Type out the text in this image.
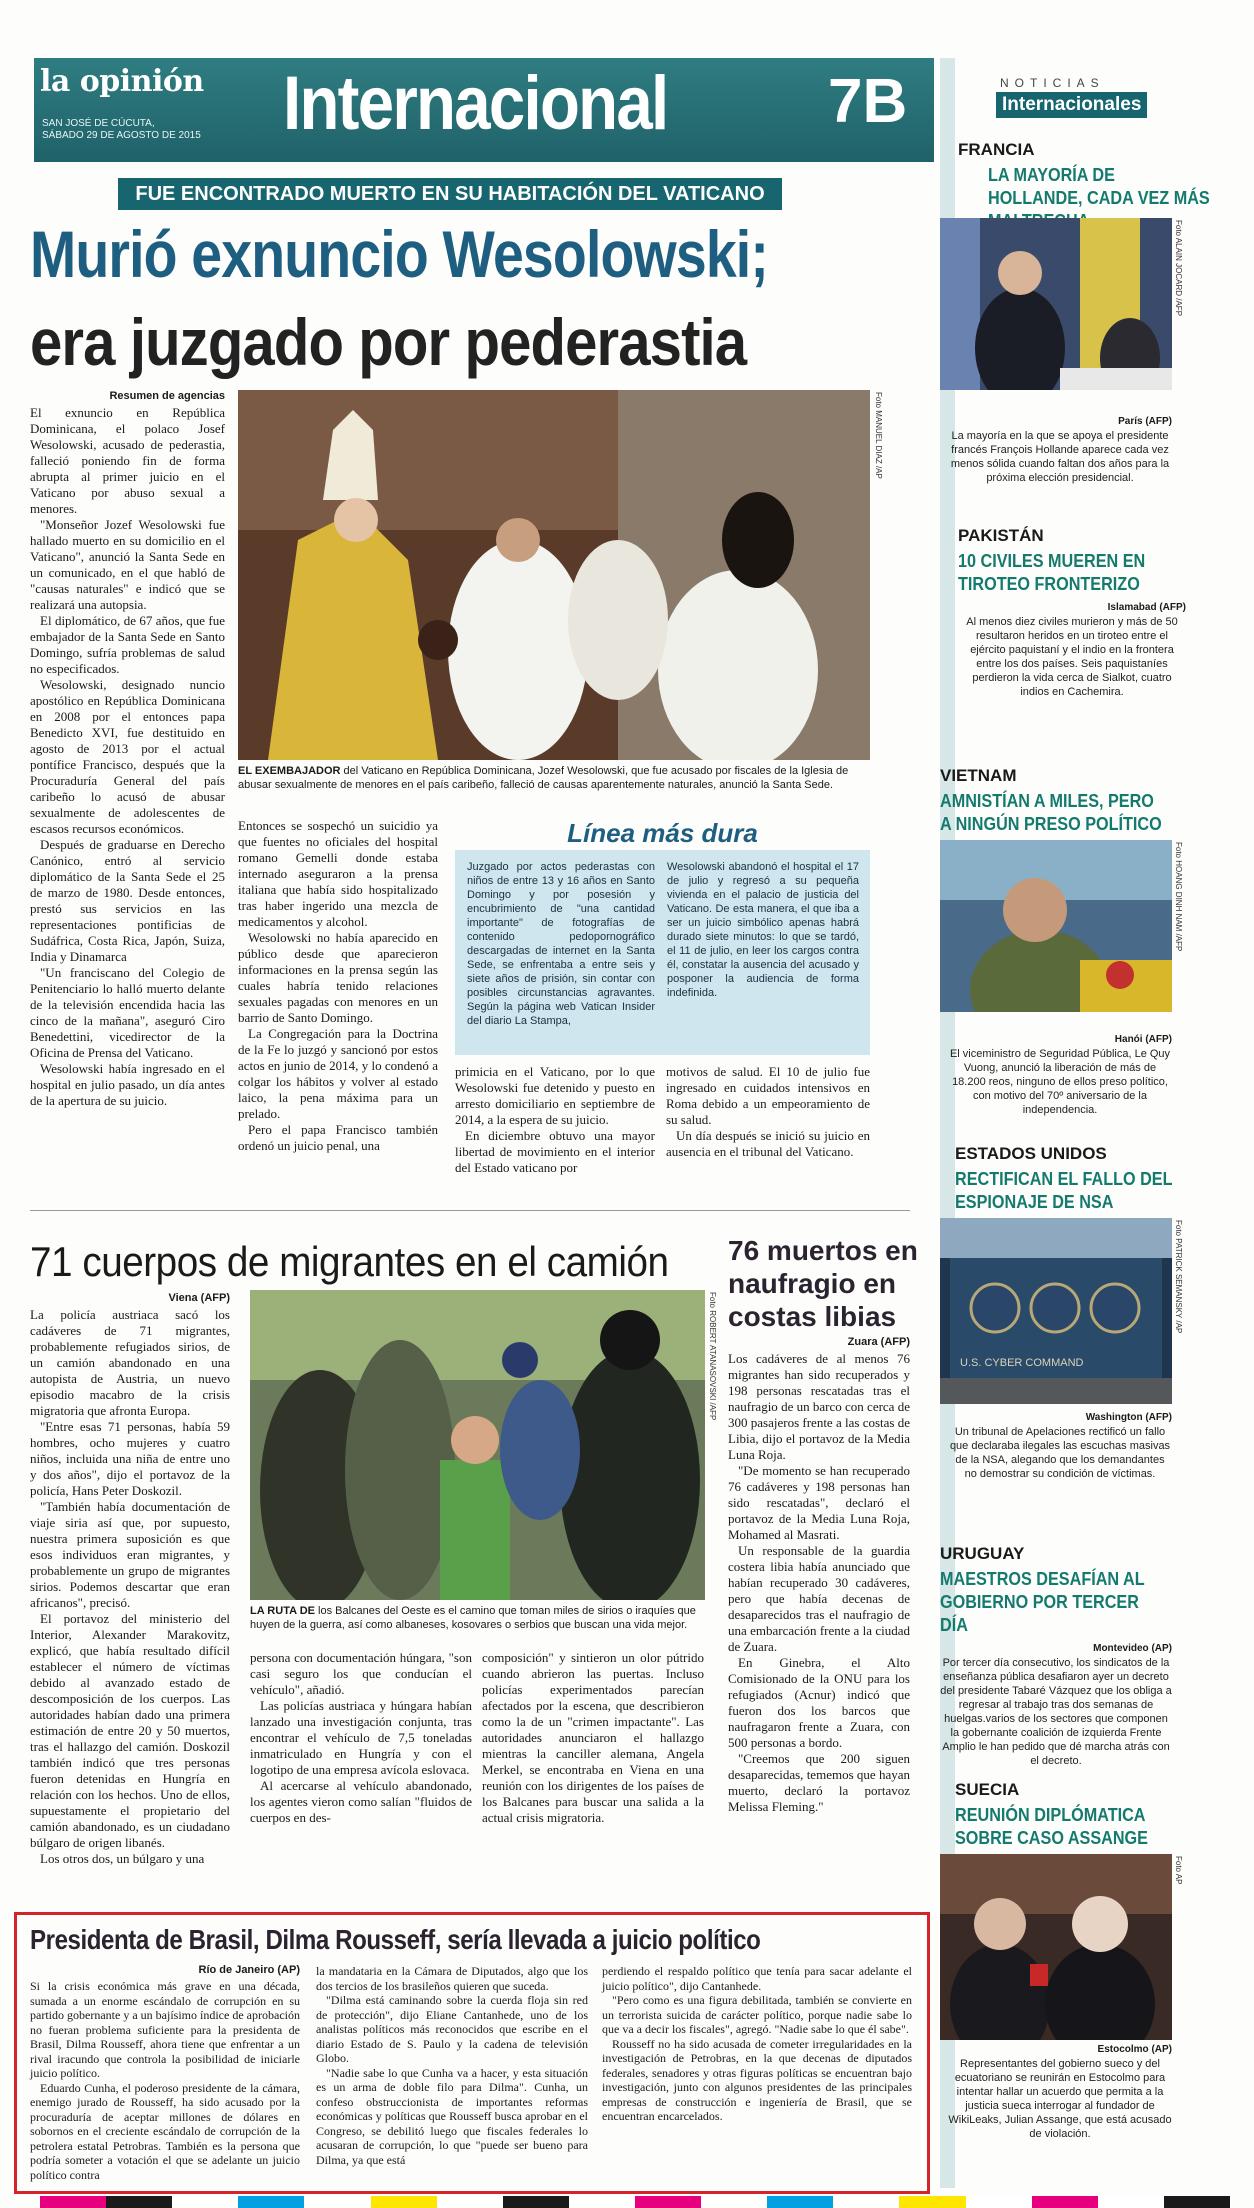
la opinión
SAN JOSÉ DE CÚCUTA,
SÁBADO 29 DE AGOSTO DE 2015 Internacional	7B
FUE ENCONTRADO MUERTO EN SU HABITACIÓN DEL VATICANO
Murió exnuncio Wesolowski;
era juzgado por pederastia
Resumen de agencias

El exnuncio en República Dominicana, el polaco Josef Wesolowski, acusado de pederastia, falleció poniendo fin de forma abrupta al primer juicio en el Vaticano por abuso sexual a menores.

"Monseñor Jozef Wesolowski fue hallado muerto en su domicilio en el Vaticano", anunció la Santa Sede en un comunicado, en el que habló de "causas naturales" e indicó que se realizará una autopsia.

El diplomático, de 67 años, que fue embajador de la Santa Sede en Santo Domingo, sufría problemas de salud no especificados.

Wesolowski, designado nuncio apostólico en República Dominicana en 2008 por el entonces papa Benedicto XVI, fue destituido en agosto de 2013 por el actual pontífice Francisco, después que la Procuraduría General del país caribeño lo acusó de abusar sexualmente de adolescentes de escasos recursos económicos.

Después de graduarse en Derecho Canónico, entró al servicio diplomático de la Santa Sede el 25 de marzo de 1980. Desde entonces, prestó sus servicios en las representaciones pontificias de Sudáfrica, Costa Rica, Japón, Suiza, India y Dinamarca

"Un franciscano del Colegio de Penitenciario lo halló muerto delante de la televisión encendida hacia las cinco de la mañana", aseguró Ciro Benedettini, vicedirector de la Oficina de Prensa del Vaticano.

Wesolowski había ingresado en el hospital en julio pasado, un día antes de la apertura de su juicio.

Foto MANUEL DIAZ /AP
EL EXEMBAJADOR del Vaticano en República Dominicana, Jozef Wesolowski, que fue acusado por fiscales de la Iglesia de abusar sexualmente de menores en el país caribeño, falleció de causas aparentemente naturales, anunció la Santa Sede.

Entonces se sospechó un suicidio ya que fuentes no oficiales del hospital romano Gemelli donde estaba internado aseguraron a la prensa italiana que había sido hospitalizado tras haber ingerido una mezcla de medicamentos y alcohol.

Wesolowski no había aparecido en público desde que aparecieron informaciones en la prensa según las cuales habría tenido relaciones sexuales pagadas con menores en un barrio de Santo Domingo.

La Congregación para la Doctrina de la Fe lo juzgó y sancionó por estos actos en junio de 2014, y lo condenó a colgar los hábitos y volver al estado laico, la pena máxima para un prelado.

Pero el papa Francisco también ordenó un juicio penal, una

Línea más dura
Juzgado por actos pederastas con niños de entre 13 y 16 años en Santo Domingo y por posesión y encubrimiento de "una cantidad importante" de fotografías de contenido pedopornográfico descargadas de internet en la Santa Sede, se enfrentaba a entre seis y siete años de prisión, sin contar con posibles circunstancias agravantes. Según la página web Vatican Insider del diario La Stampa,
Wesolowski abandonó el hospital el 17 de julio y regresó a su pequeña vivienda en el palacio de justicia del Vaticano. De esta manera, el que iba a ser un juicio simbólico apenas habrá durado siete minutos: lo que se tardó, el 11 de julio, en leer los cargos contra él, constatar la ausencia del acusado y posponer la audiencia de forma indefinida.

primicia en el Vaticano, por lo que Wesolowski fue detenido y puesto en arresto domiciliario en septiembre de 2014, a la espera de su juicio.

En diciembre obtuvo una mayor libertad de movimiento en el interior del Estado vaticano por

motivos de salud. El 10 de julio fue ingresado en cuidados intensivos en Roma debido a un empeoramiento de su salud.

Un día después se inició su juicio en ausencia en el tribunal del Vaticano.

71 cuerpos de migrantes en el camión
Viena (AFP)

La policía austriaca sacó los cadáveres de 71 migrantes, probablemente refugiados sirios, de un camión abandonado en una autopista de Austria, un nuevo episodio macabro de la crisis migratoria que afronta Europa.

"Entre esas 71 personas, había 59 hombres, ocho mujeres y cuatro niños, incluida una niña de entre uno y dos años", dijo el portavoz de la policía, Hans Peter Doskozil.

"También había documentación de viaje siria así que, por supuesto, nuestra primera suposición es que esos individuos eran migrantes, y probablemente un grupo de migrantes sirios. Podemos descartar que eran africanos", precisó.

El portavoz del ministerio del Interior, Alexander Marakovitz, explicó, que había resultado difícil establecer el número de víctimas debido al avanzado estado de descomposición de los cuerpos. Las autoridades habían dado una primera estimación de entre 20 y 50 muertos, tras el hallazgo del camión. Doskozil también indicó que tres personas fueron detenidas en Hungría en relación con los hechos. Uno de ellos, supuestamente el propietario del camión abandonado, es un ciudadano búlgaro de origen libanés.

Los otros dos, un búlgaro y una

Foto ROBERT ATANASOVSKI /AFP
LA RUTA DE los Balcanes del Oeste es el camino que toman miles de sirios o iraquíes que huyen de la guerra, así como albaneses, kosovares o serbios que buscan una vida mejor.

persona con documentación húngara, "son casi seguro los que conducían el vehículo", añadió.

Las policías austriaca y húngara habían lanzado una investigación conjunta, tras encontrar el vehículo de 7,5 toneladas inmatriculado en Hungría y con el logotipo de una empresa avícola eslovaca.

Al acercarse al vehículo abandonado, los agentes vieron como salían "fluidos de cuerpos en des-

composición" y sintieron un olor pútrido cuando abrieron las puertas. Incluso policías experimentados parecían afectados por la escena, que describieron como la de un "crimen impactante". Las autoridades anunciaron el hallazgo mientras la canciller alemana, Angela Merkel, se encontraba en Viena en una reunión con los dirigentes de los países de los Balcanes para buscar una salida a la actual crisis migratoria.

76 muertos en naufragio en costas libias
Zuara (AFP)

Los cadáveres de al menos 76 migrantes han sido recuperados y 198 personas rescatadas tras el naufragio de un barco con cerca de 300 pasajeros frente a las costas de Libia, dijo el portavoz de la Media Luna Roja.

"De momento se han recuperado 76 cadáveres y 198 personas han sido rescatadas", declaró el portavoz de la Media Luna Roja, Mohamed al Masrati.

Un responsable de la guardia costera libia había anunciado que habían recuperado 30 cadáveres, pero que había decenas de desaparecidos tras el naufragio de una embarcación frente a la ciudad de Zuara.

En Ginebra, el Alto Comisionado de la ONU para los refugiados (Acnur) indicó que fueron dos los barcos que naufragaron frente a Zuara, con 500 personas a bordo.

"Creemos que 200 siguen desaparecidas, tememos que hayan muerto, declaró la portavoz Melissa Fleming."

Presidenta de Brasil, Dilma Rousseff, sería llevada a juicio político
Río de Janeiro (AP)

Si la crisis económica más grave en una década, sumada a un enorme escándalo de corrupción en su partido gobernante y a un bajísimo índice de aprobación no fueran problema suficiente para la presidenta de Brasil, Dilma Rousseff, ahora tiene que enfrentar a un rival iracundo que controla la posibilidad de iniciarle juicio político.

Eduardo Cunha, el poderoso presidente de la cámara, enemigo jurado de Rousseff, ha sido acusado por la procuraduría de aceptar millones de dólares en sobornos en el creciente escándalo de corrupción de la petrolera estatal Petrobras. También es la persona que podría someter a votación el que se adelante un juicio político contra

la mandataria en la Cámara de Diputados, algo que los dos tercios de los brasileños quieren que suceda.

"Dilma está caminando sobre la cuerda floja sin red de protección", dijo Eliane Cantanhede, uno de los analistas políticos más reconocidos que escribe en el diario Estado de S. Paulo y la cadena de televisión Globo.

"Nadie sabe lo que Cunha va a hacer, y esta situación es un arma de doble filo para Dilma". Cunha, un confeso obstruccionista de importantes reformas económicas y políticas que Rousseff busca aprobar en el Congreso, se debilitó luego que fiscales federales lo acusaran de corrupción, lo que "puede ser bueno para Dilma, ya que está

perdiendo el respaldo político que tenía para sacar adelante el juicio político", dijo Cantanhede.

"Pero como es una figura debilitada, también se convierte en un terrorista suicida de carácter político, porque nadie sabe lo que va a decir los fiscales", agregó. "Nadie sabe lo que él sabe".

Rousseff no ha sido acusada de cometer irregularidades en la investigación de Petrobras, en la que decenas de diputados federales, senadores y otras figuras políticas se encuentran bajo investigación, junto con algunos presidentes de las principales empresas de construcción e ingeniería de Brasil, que se encuentran encarcelados.

NOTICIAS
Internacionales
FRANCIA
LA MAYORÍA DE HOLLANDE, CADA VEZ MÁS
Foto ALAIN JOCARD /AFP
París (AFP)
La mayoría en la que se apoya el presidente francés François Hollande aparece cada vez menos sólida cuando faltan dos años para la próxima elección presidencial.
PAKISTÁN
10 CIVILES MUEREN EN TIROTEO FRONTERIZO
Islamabad (AFP)
Al menos diez civiles murieron y más de 50 resultaron heridos en un tiroteo entre el ejército paquistaní y el indio en la frontera entre los dos países. Seis paquistaníes perdieron la vida cerca de Sialkot, cuatro indios en Cachemira.
VIETNAM
AMNISTÍAN A MILES, PERO A NINGÚN PRESO POLÍTICO
Foto HOANG DINH NAM /AFP
Hanói (AFP)
El viceministro de Seguridad Pública, Le Quy Vuong, anunció la liberación de más de 18.200 reos, ninguno de ellos preso político, con motivo del 70º aniversario de la independencia.
ESTADOS UNIDOS
RECTIFICAN EL FALLO DEL ESPIONAJE DE NSA
U.S. CYBER COMMAND
Foto PATRICK SEMANSKY /AP
Washington (AFP)
Un tribunal de Apelaciones rectificó un fallo que declaraba ilegales las escuchas masivas de la NSA, alegando que los demandantes no demostrar su condición de víctimas.
URUGUAY
MAESTROS DESAFÍAN AL GOBIERNO POR TERCER DÍA
Montevideo (AP)
Por tercer día consecutivo, los sindicatos de la enseñanza pública desafiaron ayer un decreto del presidente Tabaré Vázquez que los obliga a regresar al trabajo tras dos semanas de huelgas.varios de los sectores que componen la gobernante coalición de izquierda Frente Amplio le han pedido que dé marcha atrás con el decreto.
SUECIA
REUNIÓN DIPLÓMATICA SOBRE CASO ASSANGE
Foto AP
Estocolmo (AP)
Representantes del gobierno sueco y del ecuatoriano se reunirán en Estocolmo para intentar hallar un acuerdo que permita a la justicia sueca interrogar al fundador de WikiLeaks, Julian Assange, que está acusado de violación.
